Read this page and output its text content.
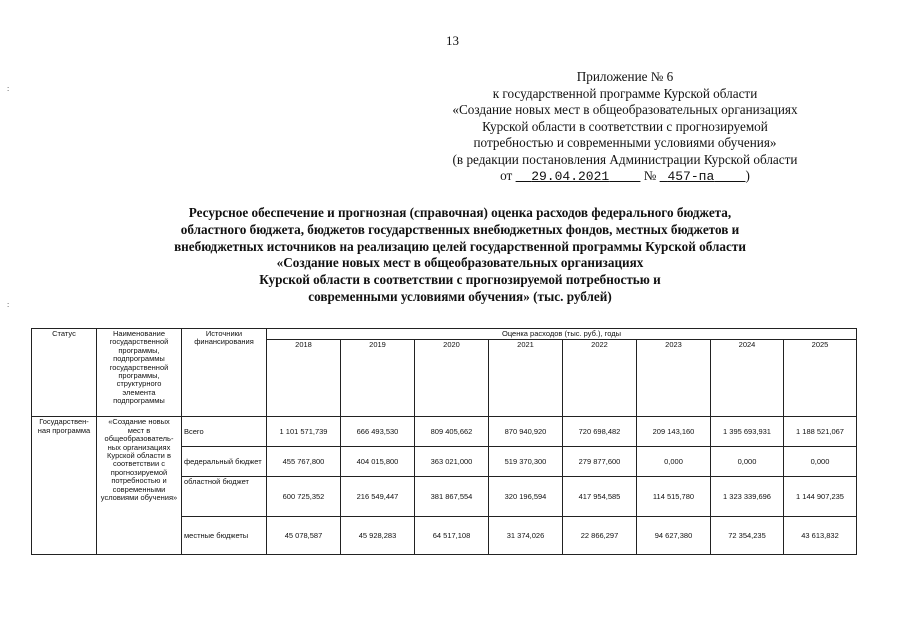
:
:
13
Приложение № 6
к государственной программе Курской области
«Создание новых мест в общеобразовательных организациях
Курской области в соответствии с прогнозируемой
потребностью и современными условиями обучения»
(в редакции постановления Администрации Курской области
от 29.04.2021	№ 457-па )
Ресурсное обеспечение и прогнозная (справочная) оценка расходов федерального бюджета,
областного бюджета, бюджетов государственных внебюджетных фондов, местных бюджетов и
внебюджетных источников на реализацию целей государственной программы Курской области
«Создание новых мест в общеобразовательных организациях
Курской области в соответствии с прогнозируемой потребностью и
современными условиями обучения» (тыс. рублей)
Статус	Наименование государственной программы, подпрограммы государственной программы, структурного элемента подпрограммы	Источники финансирования	Оценка расходов (тыс. руб.), годы							
			2018	2019	2020	2021	2022	2023	2024	2025
Государствен-ная программа	«Создание новых мест в общеобразователь-ных организациях Курской области в соответствии с прогнозируемой потребностью и современными условиями обучения»	Всего	1 101 571,739	666 493,530	809 405,662	870 940,920	720 698,482	209 143,160	1 395 693,931	1 188 521,067
		федеральный бюджет	455 767,800	404 015,800	363 021,000	519 370,300	279 877,600	0,000	0,000	0,000
		областной бюджет	600 725,352	216 549,447	381 867,554	320 196,594	417 954,585	114 515,780	1 323 339,696	1 144 907,235
		местные бюджеты	45 078,587	45 928,283	64 517,108	31 374,026	22 866,297	94 627,380	72 354,235	43 613,832
